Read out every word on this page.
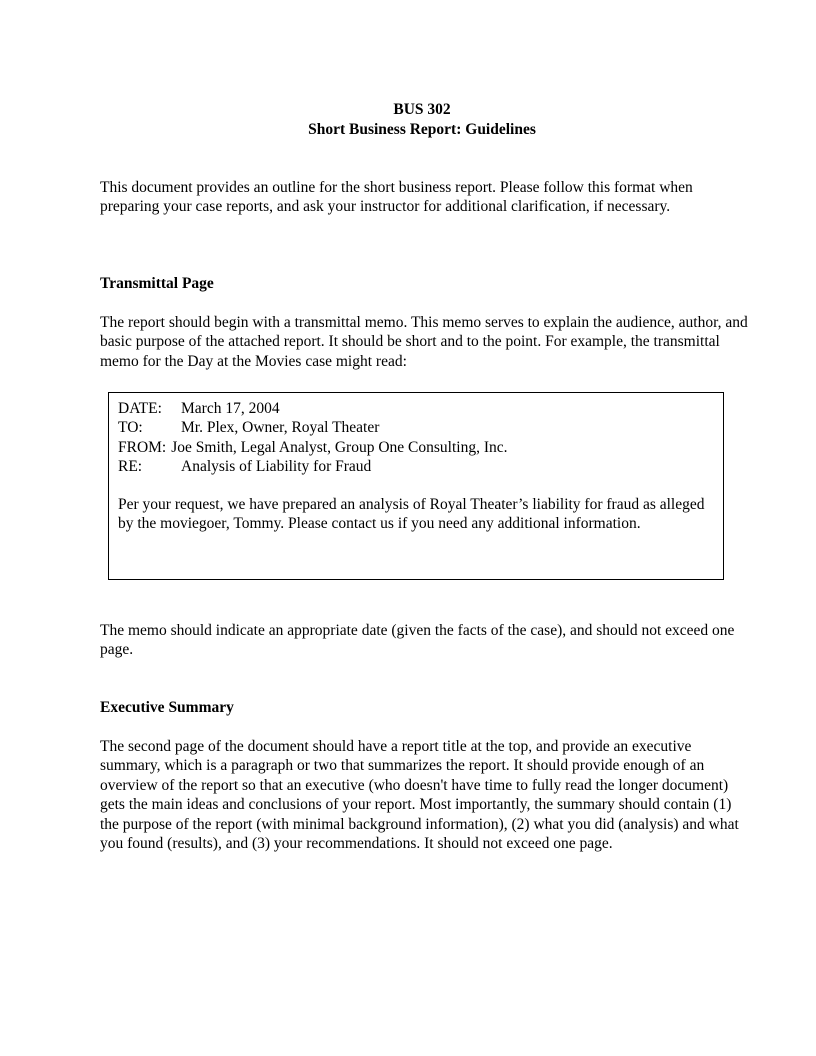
BUS 302
Short Business Report: Guidelines

This document provides an outline for the short business report. Please follow this format when preparing your case reports, and ask your instructor for additional clarification, if necessary.

Transmittal Page

The report should begin with a transmittal memo. This memo serves to explain the audience, author, and basic purpose of the attached report. It should be short and to the point. For example, the transmittal memo for the Day at the Movies case might read:

DATE:	March 17, 2004
TO:	Mr. Plex, Owner, Royal Theater
FROM: Joe Smith, Legal Analyst, Group One Consulting, Inc.
RE:	Analysis of Liability for Fraud

Per your request, we have prepared an analysis of Royal Theater’s liability for fraud as alleged by the moviegoer, Tommy. Please contact us if you need any additional information.

The memo should indicate an appropriate date (given the facts of the case), and should not exceed one page.

Executive Summary

The second page of the document should have a report title at the top, and provide an executive summary, which is a paragraph or two that summarizes the report. It should provide enough of an overview of the report so that an executive (who doesn't have time to fully read the longer document) gets the main ideas and conclusions of your report. Most importantly, the summary should contain (1) the purpose of the report (with minimal background information), (2) what you did (analysis) and what you found (results), and (3) your recommendations. It should not exceed one page.
